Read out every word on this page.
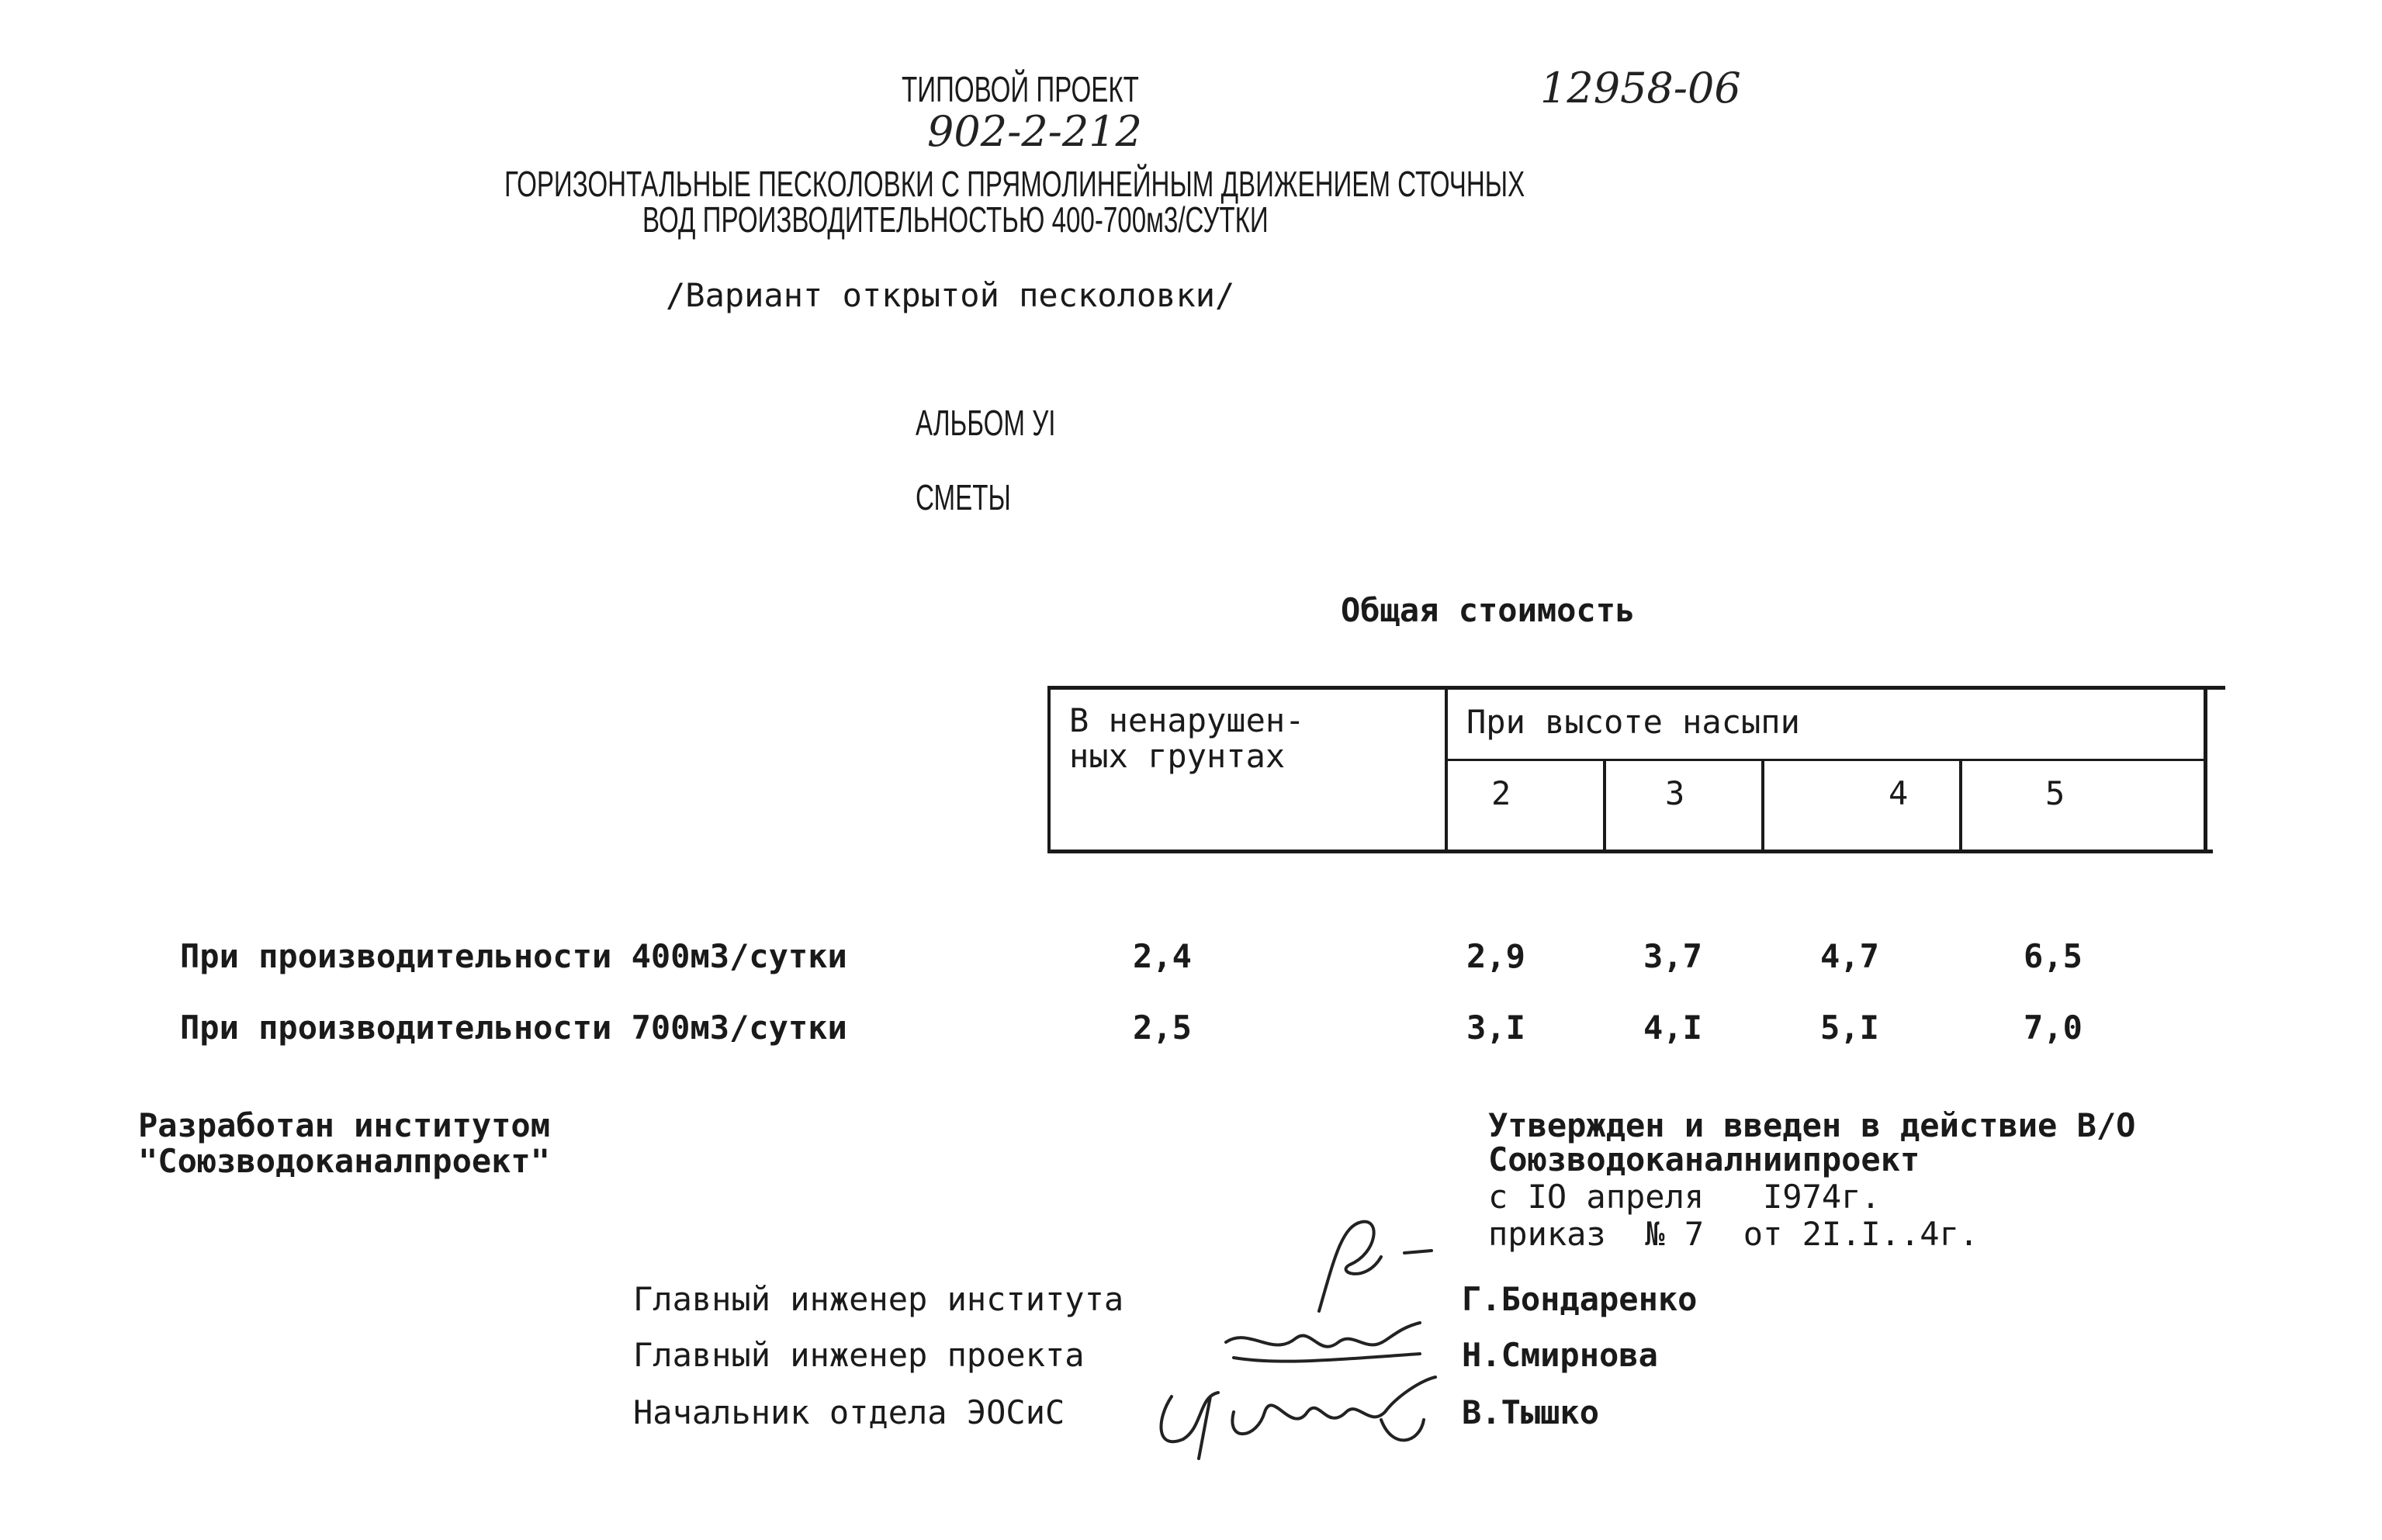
ТИПОВОЙ ПРОЕКТ	12958-06
902-2-212
ГОРИЗОНТАЛЬНЫЕ ПЕСКОЛОВКИ С ПРЯМОЛИНЕЙНЫМ ДВИЖЕНИЕМ СТОЧНЫХ
ВОД ПРОИЗВОДИТЕЛЬНОСТЬЮ 400-700м3/СУТКИ
/Вариант открытой песколовки/
АЛЬБОМ УI
СМЕТЫ
Общая стоимость
В ненарушен-
ных грунтах
При высоте насыпи
2	3	4	5
При производительности 400м3/сутки	2,4	2,9	3,7	4,7	6,5
При производительности 700м3/сутки	2,5	3,I	4,I	5,I	7,0
Разработан институтом
"Союзводоканалпроект"
Утвержден и введен в действие В/О
Союзводоканалниипроект
с IO апреля   I974г.
приказ  № 7  от 2I.I..4г.
Главный инженер института	Г.Бондаренко
Главный инженер проекта	Н.Смирнова
Начальник отдела ЭОСиС	В.Тышко
